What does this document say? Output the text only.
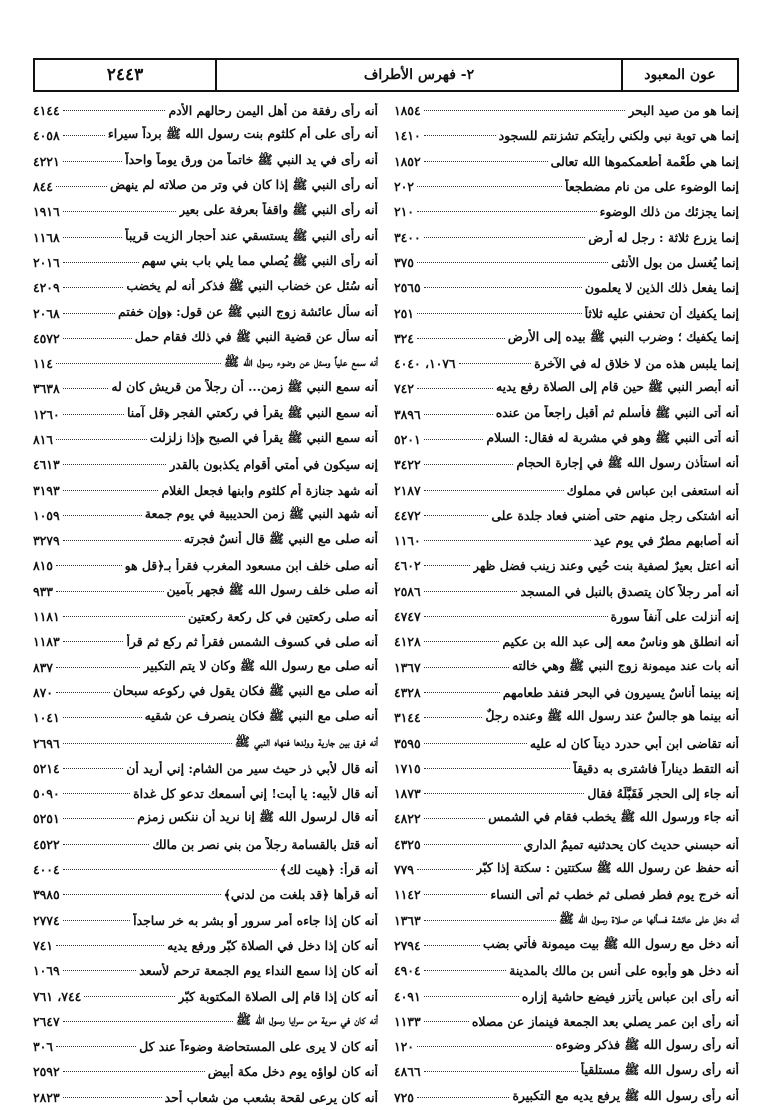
عون المعبود
٢- فهرس الأطراف
٢٤٤٣
إنما هو من صيد البحر
١٨٥٤
إنما هي توبة نبي ولكني رأيتكم تشزنتم للسجود
١٤١٠
إنما هي طُعْمة أطعمكموها الله تعالى
١٨٥٢
إنما الوضوء على من نام مضطجعاً
٢٠٢
إنما يجزئك من ذلك الوضوء
٢١٠
إنما يزرع ثلاثة : رجل له أرض
٣٤٠٠
إنما يُغسل من بول الأنثى
٣٧٥
إنما يفعل ذلك الذين لا يعلمون
٢٥٦٥
إنما يكفيك أن تحفني عليه ثلاثاً
٢٥١
إنما يكفيك ؛ وضرب النبي ﷺ بيده إلى الأرض
٣٢٤
إنما يلبس هذه من لا خلاق له في الآخرة
١٠٧٦، ٤٠٤٠
أنه أبصر النبي ﷺ حين قام إلى الصلاة رفع يديه
٧٤٢
أنه أتى النبي ﷺ فأسلم ثم أقبل راجعاً من عنده
٣٨٩٦
أنه أتى النبي ﷺ وهو في مشربة له فقال: السلام
٥٢٠١
أنه استأذن رسول الله ﷺ في إجارة الحجام
٣٤٢٢
أنه استعفى ابن عباس في مملوك
٢١٨٧
أنه اشتكى رجل منهم حتى أضني فعاد جلدة على
٤٤٧٢
أنه أصابهم مطرٌ في يوم عيد
١١٦٠
أنه اعتل بعيرٌ لصفية بنت حُيي وعند زينب فضل ظهر
٤٦٠٢
أنه أمر رجلاً كان يتصدق بالنبل في المسجد
٢٥٨٦
إنه أنزلت على آنفاً سورة
٤٧٤٧
أنه انطلق هو وناسٌ معه إلى عبد الله بن عكيم
٤١٢٨
أنه بات عند ميمونة زوج النبي ﷺ وهي خالته
١٣٦٧
إنه بينما أناسٌ يسيرون في البحر فنفد طعامهم
٤٣٢٨
أنه بينما هو جالسٌ عند رسول الله ﷺ وعنده رجلٌ
٣١٤٤
أنه تقاضى ابن أبي حدرد ديناً كان له عليه
٣٥٩٥
أنه التقط ديناراً فاشترى به دقيقاً
١٧١٥
أنه جاء إلى الحجر فَقَبَّلَهُ فقال
١٨٧٣
أنه جاء ورسول الله ﷺ يخطب فقام في الشمس
٤٨٢٢
أنه حبسني حديث كان يحدثنيه تميمٌ الداري
٤٣٢٥
أنه حفظ عن رسول الله ﷺ سكتتين : سكتة إذا كبّر
٧٧٩
أنه خرج يوم فطر فصلى ثم خطب ثم أتى النساء
١١٤٢
أنه دخل على عائشة فسألها عن صلاة رسول الله ﷺ
١٣٦٣
أنه دخل مع رسول الله ﷺ بيت ميمونة فأُتي بضب
٢٧٩٤
أنه دخل هو وأبوه على أنس بن مالك بالمدينة
٤٩٠٤
أنه رأى ابن عباس يأتزر فيضع حاشية إزاره
٤٠٩١
أنه رأى ابن عمر يصلي بعد الجمعة فينماز عن مصلاه
١١٣٣
أنه رأى رسول الله ﷺ فذكر وضوءه
١٢٠
أنه رأى رسول الله ﷺ مستلقياً
٤٨٦٦
أنه رأى رسول الله ﷺ يرفع يديه مع التكبيرة
٧٢٥
أنه رأى رفقة من أهل اليمن رحالهم الأدم
٤١٤٤
أنه رأى على أم كلثوم بنت رسول الله ﷺ برداً سيراء
٤٠٥٨
أنه رأى في يد النبي ﷺ خاتماً من ورق يوماً واحداً
٤٢٢١
أنه رأى النبي ﷺ إذا كان في وتر من صلاته لم ينهض
٨٤٤
أنه رأى النبي ﷺ واقفاً بعرفة على بعير
١٩١٦
أنه رأى النبي ﷺ يستسقي عند أحجار الزيت قريباً
١١٦٨
أنه رأى النبي ﷺ يُصلي مما يلي باب بني سهم
٢٠١٦
أنه سُئل عن خضاب النبي ﷺ فذكر أنه لم يخضب
٤٢٠٩
أنه سأل عائشة زوج النبي ﷺ عن قول: ﴿وإن خفتم
٢٠٦٨
أنه سأل عن قضية النبي ﷺ في ذلك فقام حمل
٤٥٧٢
أنه سمع علياً وسئل عن وضوء رسول الله ﷺ
١١٤
أنه سمع النبي ﷺ زمن... أن رجلاً من قريش كان له
٣٦٣٨
أنه سمع النبي ﷺ يقرأ في ركعتي الفجر ﴿قل آمنا
١٢٦٠
أنه سمع النبي ﷺ يقرأ في الصبح ﴿إذا زلزلت
٨١٦
إنه سيكون في أمتي أقوام يكذبون بالقدر
٤٦١٣
أنه شهد جنازة أم كلثوم وابنها فجعل الغلام
٣١٩٣
أنه شهد النبي ﷺ زمن الحديبية في يوم جمعة
١٠٥٩
أنه صلى مع النبي ﷺ قال أنسٌ فجرته
٣٢٧٩
أنه صلى خلف ابن مسعود المغرب فقرأ بـ﴿قل هو
٨١٥
أنه صلى خلف رسول الله ﷺ فجهر بآمين
٩٣٣
أنه صلى ركعتين في كل ركعة ركعتين
١١٨١
أنه صلى في كسوف الشمس فقرأ ثم ركع ثم قرأ
١١٨٣
أنه صلى مع رسول الله ﷺ وكان لا يتم التكبير
٨٣٧
أنه صلى مع النبي ﷺ فكان يقول في ركوعه سبحان
٨٧٠
أنه صلى مع النبي ﷺ فكان ينصرف عن شقيه
١٠٤١
أنه فرق بين جارية وولدها فنهاه النبي ﷺ
٢٦٩٦
أنه قال لأبي ذر حيث سير من الشام: إني أريد أن
٥٢١٤
أنه قال لأبيه: يا أبت! إني أسمعك تدعو كل غداة
٥٠٩٠
أنه قال لرسول الله ﷺ إنا نريد أن ننكس زمزم
٥٢٥١
أنه قتل بالقسامة رجلاً من بني نصر بن مالك
٤٥٢٢
أنه قرأ: ﴿هيت لك﴾
٤٠٠٤
أنه قرأها ﴿قد بلغت من لدني﴾
٣٩٨٥
أنه كان إذا جاءه أمر سرور أو بشر به خر ساجداً
٢٧٧٤
أنه كان إذا دخل في الصلاة كبّر ورفع يديه
٧٤١
أنه كان إذا سمع النداء يوم الجمعة ترحم لأسعد
١٠٦٩
أنه كان إذا قام إلى الصلاة المكتوبة كبّر
٧٤٤، ٧٦١
أنه كان في سرية من سرايا رسول الله ﷺ
٢٦٤٧
أنه كان لا يرى على المستحاضة وضوءاً عند كل
٣٠٦
أنه كان لواؤه يوم دخل مكة أبيض
٢٥٩٢
أنه كان يرعى لقحة بشعب من شعاب أحد
٢٨٢٣
